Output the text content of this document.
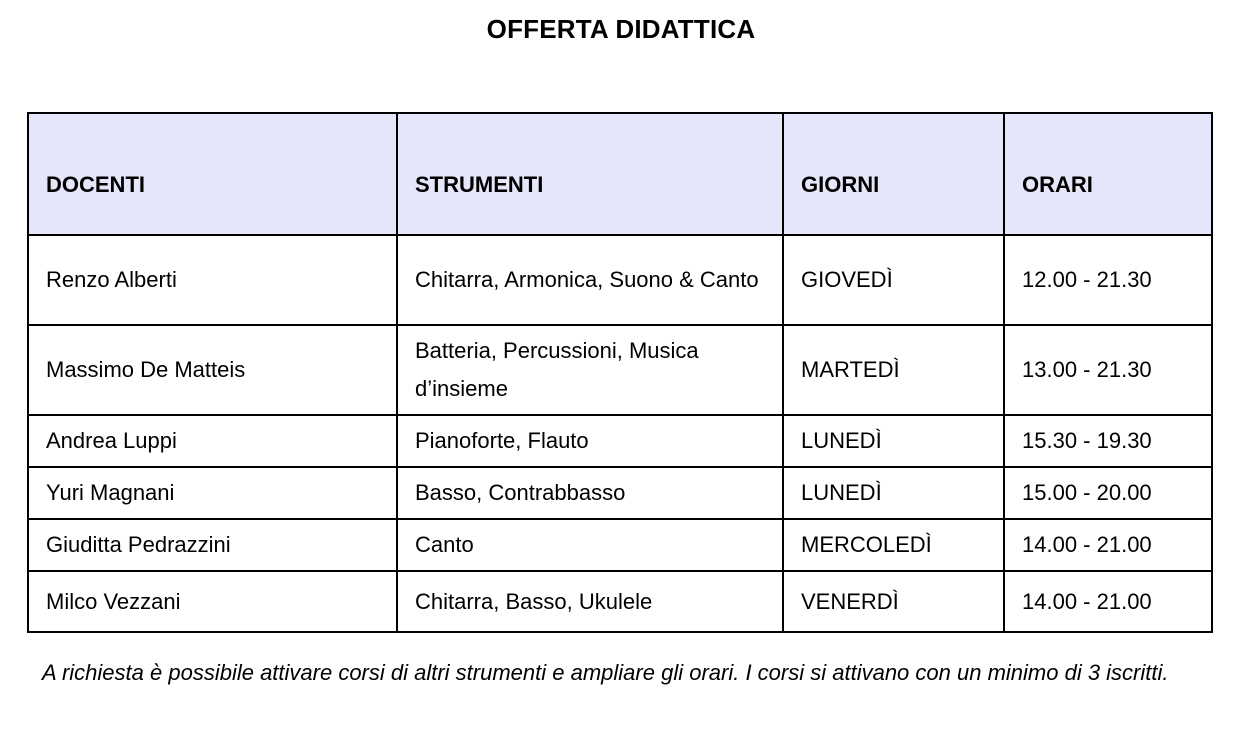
OFFERTA DIDATTICA
DOCENTI	STRUMENTI	GIORNI	ORARI
Renzo Alberti	Chitarra, Armonica, Suono & Canto	GIOVEDÌ	12.00 - 21.30
Massimo De Matteis	Batteria, Percussioni, Musica d’insieme	MARTEDÌ	13.00 - 21.30
Andrea Luppi	Pianoforte, Flauto	LUNEDÌ	15.30 - 19.30
Yuri Magnani	Basso, Contrabbasso	LUNEDÌ	15.00 - 20.00
Giuditta Pedrazzini	Canto	MERCOLEDÌ	14.00 - 21.00
Milco Vezzani	Chitarra, Basso, Ukulele	VENERDÌ	14.00 - 21.00
A richiesta è possibile attivare corsi di altri strumenti e ampliare gli orari. I corsi si attivano con un minimo di 3 iscritti.
